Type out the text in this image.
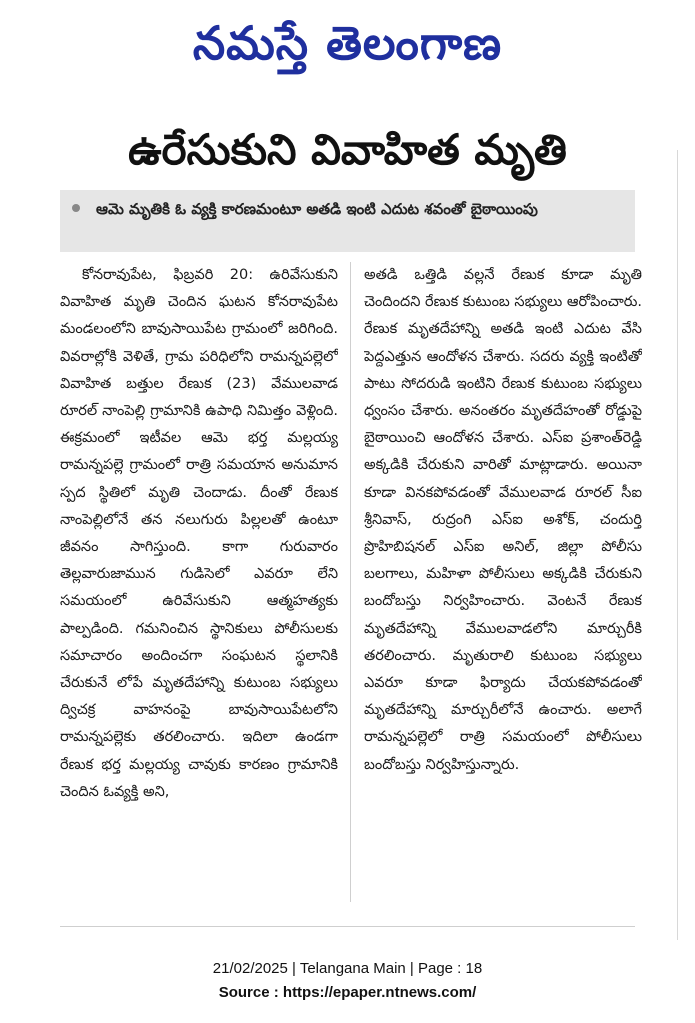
నమస్తే తెలంగాణ
ఉరేసుకుని వివాహిత మృతి
ఆమె మృతికి ఓ వ్యక్తి కారణమంటూ అతడి ఇంటి ఎదుట శవంతో బైఠాయింపు

కోనరావుపేట, ఫిబ్రవరి 20: ఉరివేసుకుని వివాహిత మృతి చెందిన ఘటన కోనరావుపేట మండలంలోని బావుసాయిపేట గ్రామంలో జరిగింది. వివరాల్లోకి వెళితే, గ్రామ పరిధిలోని రామన్నపల్లెలో వివాహిత బత్తుల రేణుక (23) వేములవాడ రూరల్ నాంపెల్లి గ్రామానికి ఉపాధి నిమిత్తం వెళ్లింది. ఈక్రమంలో ఇటీవల ఆమె భర్త మల్లయ్య రామన్నపల్లె గ్రామంలో రాత్రి సమయాన అనుమాన స్పద స్థితిలో మృతి చెందాడు. దీంతో రేణుక నాంపెల్లిలోనే తన నలుగురు పిల్లలతో ఉంటూ జీవనం సాగిస్తుంది. కాగా గురువారం తెల్లవారుజామున గుడిసెలో ఎవరూ లేని సమయంలో ఉరివేసుకుని ఆత్మహత్యకు పాల్పడింది. గమనించిన స్థానికులు పోలీసులకు సమాచారం అందించగా సంఘటన స్థలానికి చేరుకునే లోపే మృతదేహాన్ని కుటుంబ సభ్యులు ద్విచక్ర వాహనంపై బావుసాయిపేటలోని రామన్నపల్లెకు తరలించారు. ఇదిలా ఉండగా రేణుక భర్త మల్లయ్య చావుకు కారణం గ్రామానికి చెందిన ఓవ్యక్తి అని,

అతడి ఒత్తిడి వల్లనే రేణుక కూడా మృతి చెందిందని రేణుక కుటుంబ సభ్యులు ఆరోపించారు. రేణుక మృతదేహాన్ని అతడి ఇంటి ఎదుట వేసి పెద్దఎత్తున ఆందోళన చేశారు. సదరు వ్యక్తి ఇంటితో పాటు సోదరుడి ఇంటిని రేణుక కుటుంబ సభ్యులు ధ్వంసం చేశారు. అనంతరం మృతదేహంతో రోడ్డుపై బైఠాయించి ఆందోళన చేశారు. ఎస్ఐ ప్రశాంత్‌రెడ్డి అక్కడికి చేరుకుని వారితో మాట్లాడారు. అయినా కూడా వినకపోవడంతో వేములవాడ రూరల్ సీఐ శ్రీనివాస్, రుద్రంగి ఎస్ఐ అశోక్, చందుర్తి ప్రొహిబిషనల్ ఎస్ఐ అనిల్, జిల్లా పోలీసు బలగాలు, మహిళా పోలీసులు అక్కడికి చేరుకుని బందోబస్తు నిర్వహించారు. వెంటనే రేణుక మృతదేహాన్ని వేములవాడలోని మార్చురీకి తరలించారు. మృతురాలి కుటుంబ సభ్యులు ఎవరూ కూడా ఫిర్యాదు చేయకపోవడంతో మృతదేహాన్ని మార్చురీలోనే ఉంచారు. అలాగే రామన్నపల్లెలో రాత్రి సమయంలో పోలీసులు బందోబస్తు నిర్వహిస్తున్నారు.

21/02/2025 | Telangana Main | Page : 18
Source : https://epaper.ntnews.com/
